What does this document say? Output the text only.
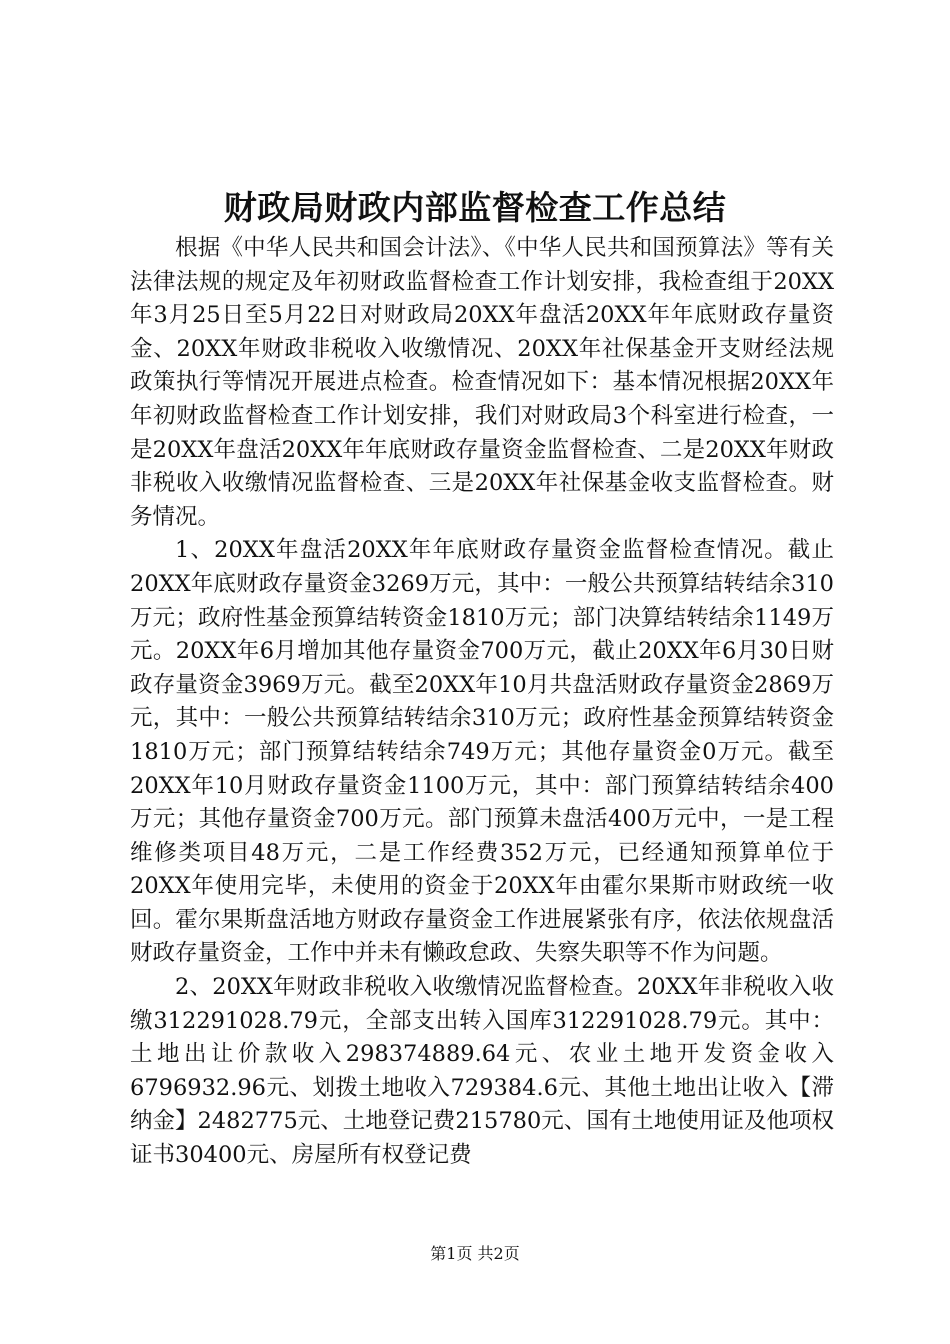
财政局财政内部监督检查工作总结

根据《中华人民共和国会计法》、《中华人民共和国预算法》等有关法律法规的规定及年初财政监督检查工作计划安排，我检查组于20XX年3月25日至5月22日对财政局20XX年盘活20XX年年底财政存量资金、20XX年财政非税收入收缴情况、20XX年社保基金开支财经法规政策执行等情况开展进点检查。检查情况如下：基本情况根据20XX年年初财政监督检查工作计划安排，我们对财政局3个科室进行检查，一是20XX年盘活20XX年年底财政存量资金监督检查、二是20XX年财政非税收入收缴情况监督检查、三是20XX年社保基金收支监督检查。财务情况。

1、20XX年盘活20XX年年底财政存量资金监督检查情况。截止20XX年底财政存量资金3269万元，其中：一般公共预算结转结余310万元；政府性基金预算结转资金1810万元；部门决算结转结余1149万元。20XX年6月增加其他存量资金700万元，截止20XX年6月30日财政存量资金3969万元。截至20XX年10月共盘活财政存量资金2869万元，其中：一般公共预算结转结余310万元；政府性基金预算结转资金1810万元；部门预算结转结余749万元；其他存量资金0万元。截至20XX年10月财政存量资金1100万元，其中：部门预算结转结余400万元；其他存量资金700万元。部门预算未盘活400万元中，一是工程维修类项目48万元，二是工作经费352万元，已经通知预算单位于20XX年使用完毕，未使用的资金于20XX年由霍尔果斯市财政统一收回。霍尔果斯盘活地方财政存量资金工作进展紧张有序，依法依规盘活财政存量资金，工作中并未有懒政怠政、失察失职等不作为问题。

2、20XX年财政非税收入收缴情况监督检查。20XX年非税收入收缴312291028.79元，全部支出转入国库312291028.79元。其中：土地出让价款收入298374889.64元、农业土地开发资金收入6796932.96元、划拨土地收入729384.6元、其他土地出让收入【滞纳金】2482775元、土地登记费215780元、国有土地使用证及他项权证书30400元、房屋所有权登记费

第1页 共2页
